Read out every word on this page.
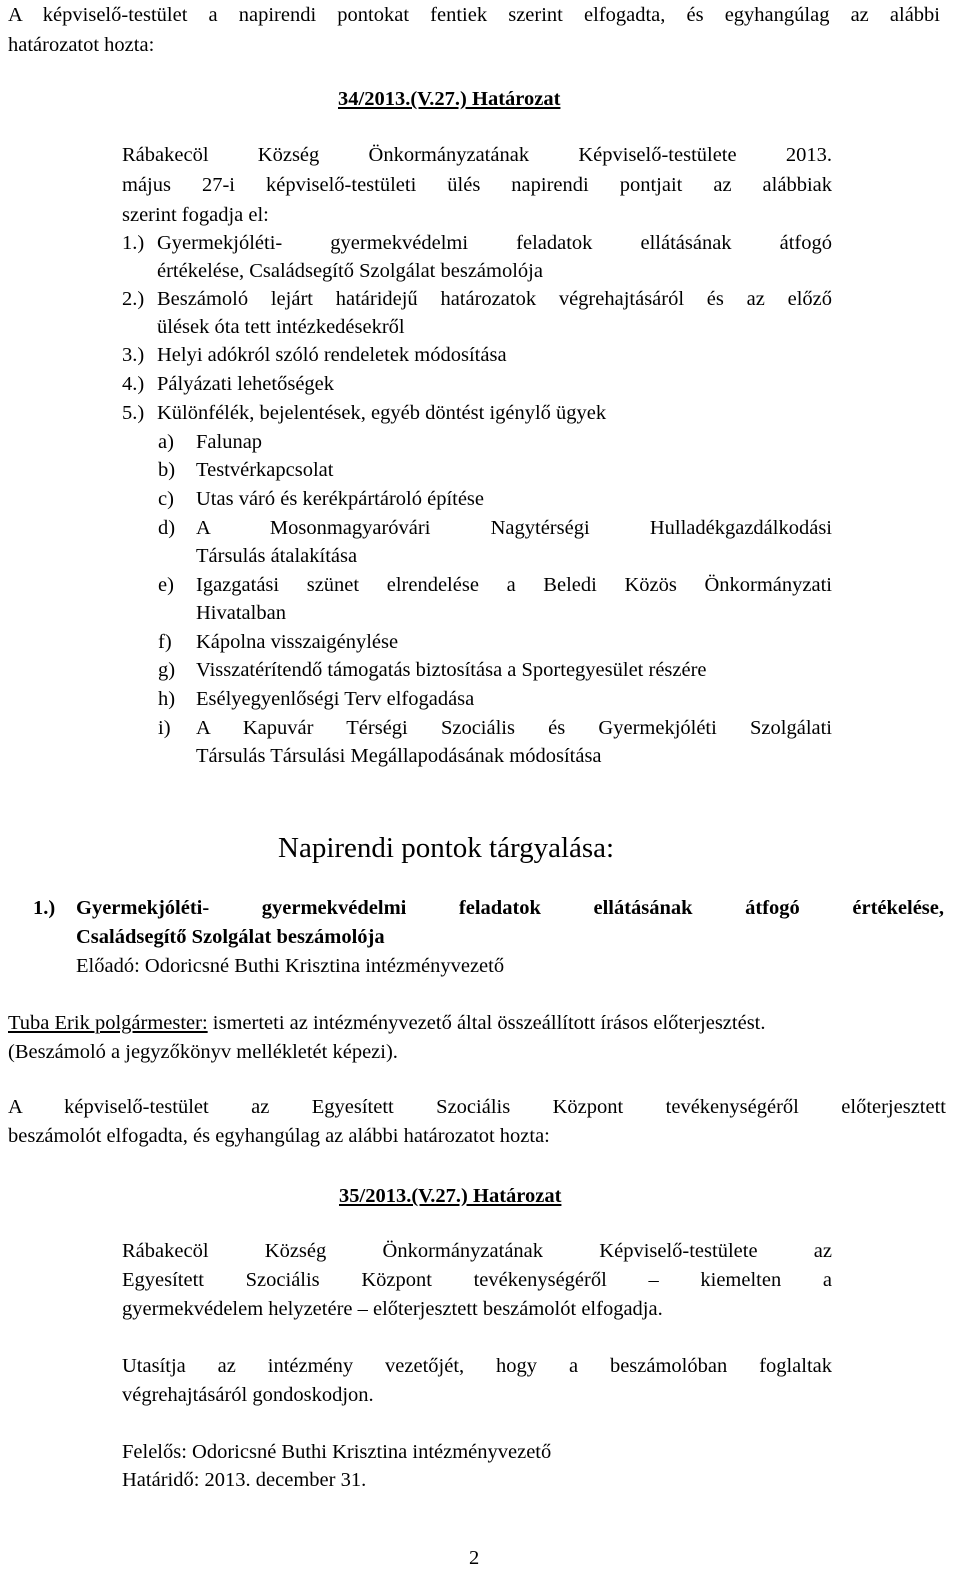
A képviselő-testület a napirendi pontokat fentiek szerint elfogadta, és egyhangúlag az alábbi
határozatot hozta:
34/2013.(V.27.) Határozat
Rábakecöl Község Önkormányzatának Képviselő-testülete 2013.
május 27-i képviselő-testületi ülés napirendi pontjait az alábbiak
szerint fogadja el:
1.) Gyermekjóléti- gyermekvédelmi feladatok ellátásának átfogó
értékelése, Családsegítő Szolgálat beszámolója
2.) Beszámoló lejárt határidejű határozatok végrehajtásáról és az előző
ülések óta tett intézkedésekről
3.) Helyi adókról szóló rendeletek módosítása
4.) Pályázati lehetőségek
5.) Különfélék, bejelentések, egyéb döntést igénylő ügyek
a) Falunap
b) Testvérkapcsolat
c) Utas váró és kerékpártároló építése
d) A Mosonmagyaróvári Nagytérségi Hulladékgazdálkodási
Társulás átalakítása
e) Igazgatási szünet elrendelése a Beledi Közös Önkormányzati
Hivatalban
f) Kápolna visszaigénylése
g) Visszatérítendő támogatás biztosítása a Sportegyesület részére
h) Esélyegyenlőségi Terv elfogadása
i) A Kapuvár Térségi Szociális és Gyermekjóléti Szolgálati
Társulás Társulási Megállapodásának módosítása
Napirendi pontok tárgyalása:
1.) Gyermekjóléti- gyermekvédelmi feladatok ellátásának átfogó értékelése,
Családsegítő Szolgálat beszámolója
Előadó: Odoricsné Buthi Krisztina intézményvezető
Tuba Erik polgármester: ismerteti az intézményvezető által összeállított írásos előterjesztést.
(Beszámoló a jegyzőkönyv mellékletét képezi).
A képviselő-testület az Egyesített Szociális Központ tevékenységéről előterjesztett
beszámolót elfogadta, és egyhangúlag az alábbi határozatot hozta:
35/2013.(V.27.) Határozat
Rábakecöl Község Önkormányzatának Képviselő-testülete az
Egyesített Szociális Központ tevékenységéről – kiemelten a
gyermekvédelem helyzetére – előterjesztett beszámolót elfogadja.
Utasítja az intézmény vezetőjét, hogy a beszámolóban foglaltak
végrehajtásáról gondoskodjon.
Felelős: Odoricsné Buthi Krisztina intézményvezető
Határidő: 2013. december 31.
2
